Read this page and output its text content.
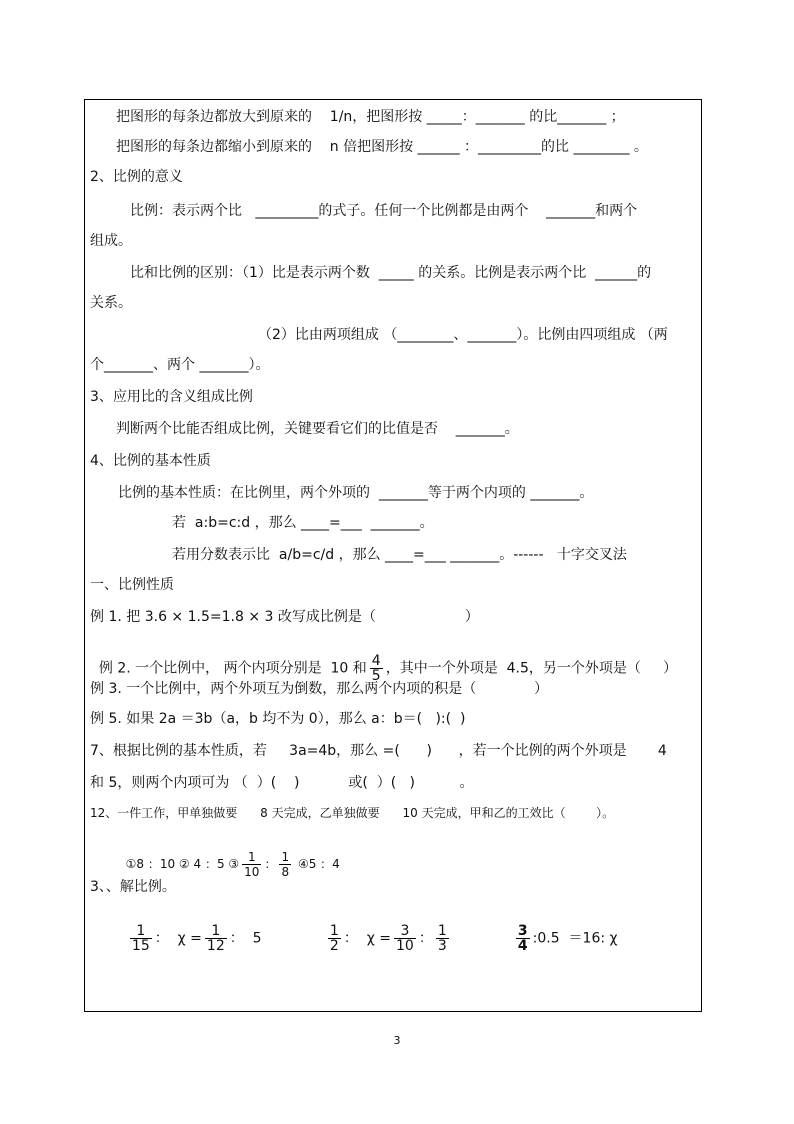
把图形的每条边都放大到原来的    1/n，把图形按 _____：_______ 的比_______ ；
把图形的每条边都缩小到原来的    n 倍把图形按 ______ ：_________的比 ________ 。
2、比例的意义
比例：表示两个比   _________的式子。任何一个比例都是由两个    _______和两个
组成。
比和比例的区别：（1）比是表示两个数  _____ 的关系。比例是表示两个比  ______的
关系。
（2）比由两项组成 （________、_______）。比例由四项组成 （两
个_______、两个 _______）。
3、应用比的含义组成比例
判断两个比能否组成比例，关键要看它们的比值是否    _______。
4、比例的基本性质
比例的基本性质：在比例里，两个外项的  _______等于两个内项的 _______。
若  a:b=c:d ，那么 ____=___  _______。
若用分数表示比  a/b=c/d ，那么 ____=___ _______。------   十字交叉法
一、比例性质
例 1. 把 3.6 × 1.5=1.8 × 3 改写成比例是（                    ）

例 2. 一个比例中， 两个内项分别是  10 和 $\frac{4}{5}$ ，其中一个外项是  4.5，另一个外项是（     ）

例 3. 一个比例中，两个外项互为倒数，那么两个内项的积是（             ）
例 5. 如果 2a ＝3b（a，b 均不为 0），那么 a：b＝(   ):(  )
7、根据比例的基本性质，若     3a=4b，那么 =(      )      ，若一个比例的两个外项是       4
和 5，则两个内项可为 （  ）(    )           或(  ）(   )          。
12、一件工作，甲单独做要      8 天完成，乙单独做要      10 天完成，甲和乙的工效比（        ）。

①8 ：10 ② 4 ：5 ③ $\frac{1}{10}$ ： $\frac{1}{8}$ ④5 ：4

3、、解比例。

$\frac{1}{15}$ ：  $\chi = \frac{1}{12}$ ：  5

	$\frac{1}{2}$ ：  $\chi = \frac{3}{10}$ ： $\frac{1}{3}$

	$\frac{3}{4}$ :0.5  ＝16: χ

3
